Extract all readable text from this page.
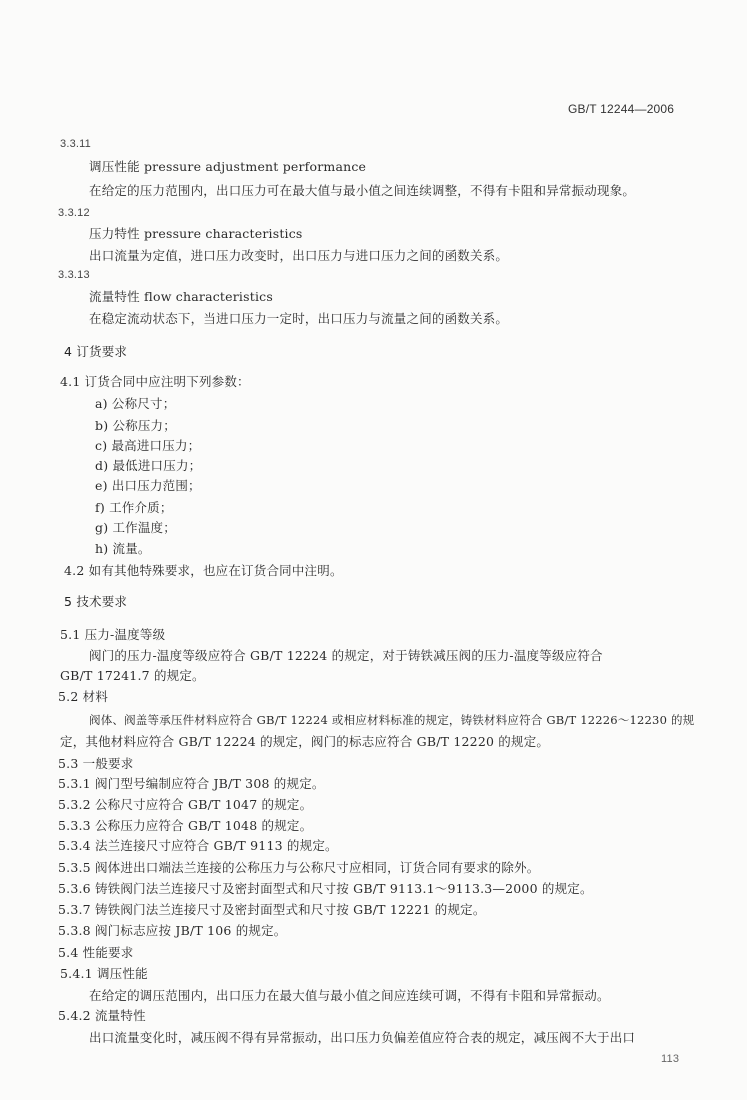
GB/T 12244—2006
3.3.11
调压性能 pressure adjustment performance
在给定的压力范围内，出口压力可在最大值与最小值之间连续调整，不得有卡阻和异常振动现象。
3.3.12
压力特性 pressure characteristics
出口流量为定值，进口压力改变时，出口压力与进口压力之间的函数关系。
3.3.13
流量特性 flow characteristics
在稳定流动状态下，当进口压力一定时，出口压力与流量之间的函数关系。
4 订货要求
4.1 订货合同中应注明下列参数：
a) 公称尺寸；
b) 公称压力；
c) 最高进口压力；
d) 最低进口压力；
e) 出口压力范围；
f) 工作介质；
g) 工作温度；
h) 流量。
4.2 如有其他特殊要求，也应在订货合同中注明。
5 技术要求
5.1 压力-温度等级
阀门的压力-温度等级应符合 GB/T 12224 的规定，对于铸铁减压阀的压力-温度等级应符合
GB/T 17241.7 的规定。
5.2 材料
阀体、阀盖等承压件材料应符合 GB/T 12224 或相应材料标准的规定，铸铁材料应符合 GB/T 12226～12230 的规
定，其他材料应符合 GB/T 12224 的规定，阀门的标志应符合 GB/T 12220 的规定。
5.3 一般要求
5.3.1 阀门型号编制应符合 JB/T 308 的规定。
5.3.2 公称尺寸应符合 GB/T 1047 的规定。
5.3.3 公称压力应符合 GB/T 1048 的规定。
5.3.4 法兰连接尺寸应符合 GB/T 9113 的规定。
5.3.5 阀体进出口端法兰连接的公称压力与公称尺寸应相同，订货合同有要求的除外。
5.3.6 铸铁阀门法兰连接尺寸及密封面型式和尺寸按 GB/T 9113.1～9113.3—2000 的规定。
5.3.7 铸铁阀门法兰连接尺寸及密封面型式和尺寸按 GB/T 12221 的规定。
5.3.8 阀门标志应按 JB/T 106 的规定。
5.4 性能要求
5.4.1 调压性能
在给定的调压范围内，出口压力在最大值与最小值之间应连续可调，不得有卡阻和异常振动。
5.4.2 流量特性
出口流量变化时，减压阀不得有异常振动，出口压力负偏差值应符合表的规定，减压阀不大于出口
113
